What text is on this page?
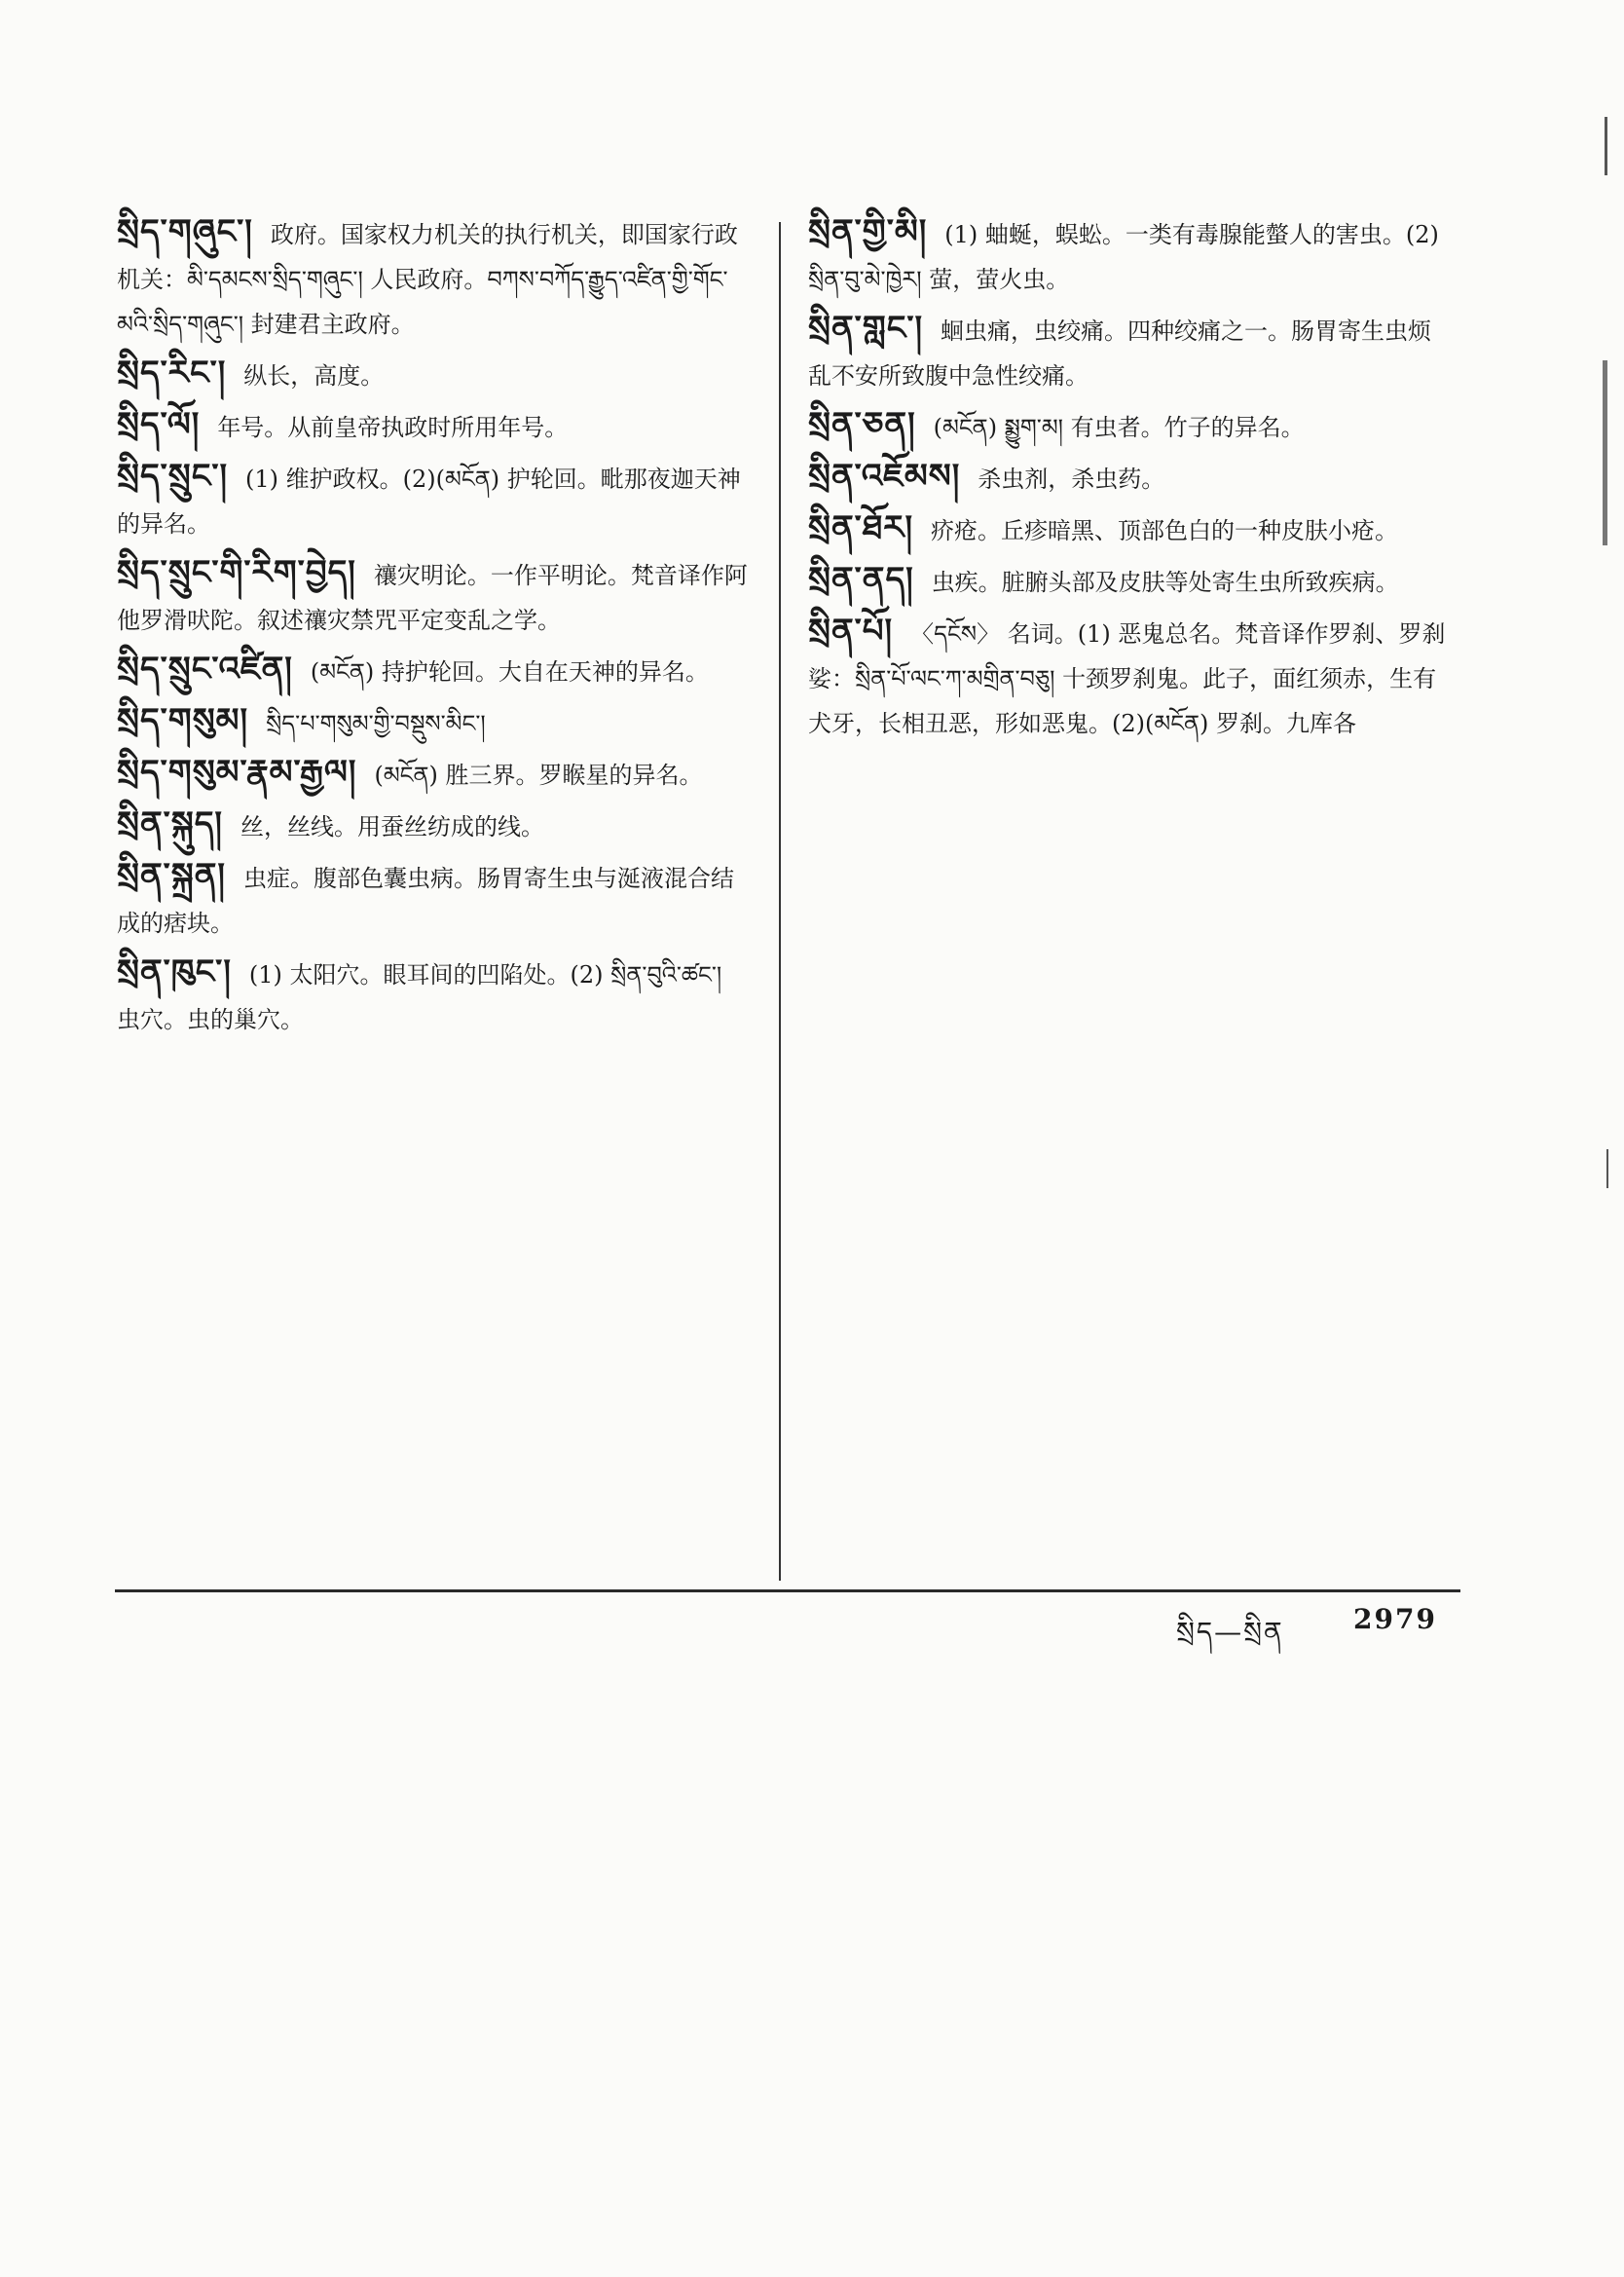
སྲིད་གཞུང་། 政府。国家权力机关的执行机关，即国家行政机关：མི་དམངས་སྲིད་གཞུང་། 人民政府。བཀས་བཀོད་རྒྱུད་འཛིན་གྱི་གོང་མའི་སྲིད་གཞུང་། 封建君主政府。
སྲིད་རིང་། 纵长，高度。
སྲིད་ལོ། 年号。从前皇帝执政时所用年号。
སྲིད་སྲུང་། (1) 维护政权。(2)(མངོན) 护轮回。毗那夜迦天神的异名。
སྲིད་སྲུང་གི་རིག་བྱེད། 禳灾明论。一作平明论。梵音译作阿他罗滑吠陀。叙述禳灾禁咒平定变乱之学。
སྲིད་སྲུང་འཛིན། (མངོན) 持护轮回。大自在天神的异名。
སྲིད་གསུམ། སྲིད་པ་གསུམ་གྱི་བསྡུས་མིང་།
སྲིད་གསུམ་རྣམ་རྒྱལ། (མངོན) 胜三界。罗睺星的异名。
སྲིན་སྐུད། 丝，丝线。用蚕丝纺成的线。
སྲིན་སྐྲན། 虫症。腹部色囊虫病。肠胃寄生虫与涎液混合结成的痞块。
སྲིན་ཁུང་། (1) 太阳穴。眼耳间的凹陷处。(2) སྲིན་བུའི་ཚང་། 虫穴。虫的巢穴。
སྲིན་གྱི་མི། (1) 蚰蜒，蜈蚣。一类有毒腺能螫人的害虫。(2) སྲིན་བུ་མེ་ཁྱེར། 萤，萤火虫。
སྲིན་གླང་། 蛔虫痛，虫绞痛。四种绞痛之一。肠胃寄生虫烦乱不安所致腹中急性绞痛。
སྲིན་ཅན། (མངོན) སྨྱུག་མ། 有虫者。竹子的异名。
སྲིན་འཇོམས། 杀虫剂，杀虫药。
སྲིན་ཐོར། 疥疮。丘疹暗黑、顶部色白的一种皮肤小疮。
སྲིན་ནད། 虫疾。脏腑头部及皮肤等处寄生虫所致疾病。
སྲིན་པོ། 〈དངོས〉 名词。(1) 恶鬼总名。梵音译作罗刹、罗刹娑：སྲིན་པོ་ལང་ཀ་མགྲིན་བཅུ། 十颈罗刹鬼。此子，面红须赤，生有犬牙，长相丑恶，形如恶鬼。(2)(མངོན) 罗刹。九库各
སྲིད—སྲིན	2979
